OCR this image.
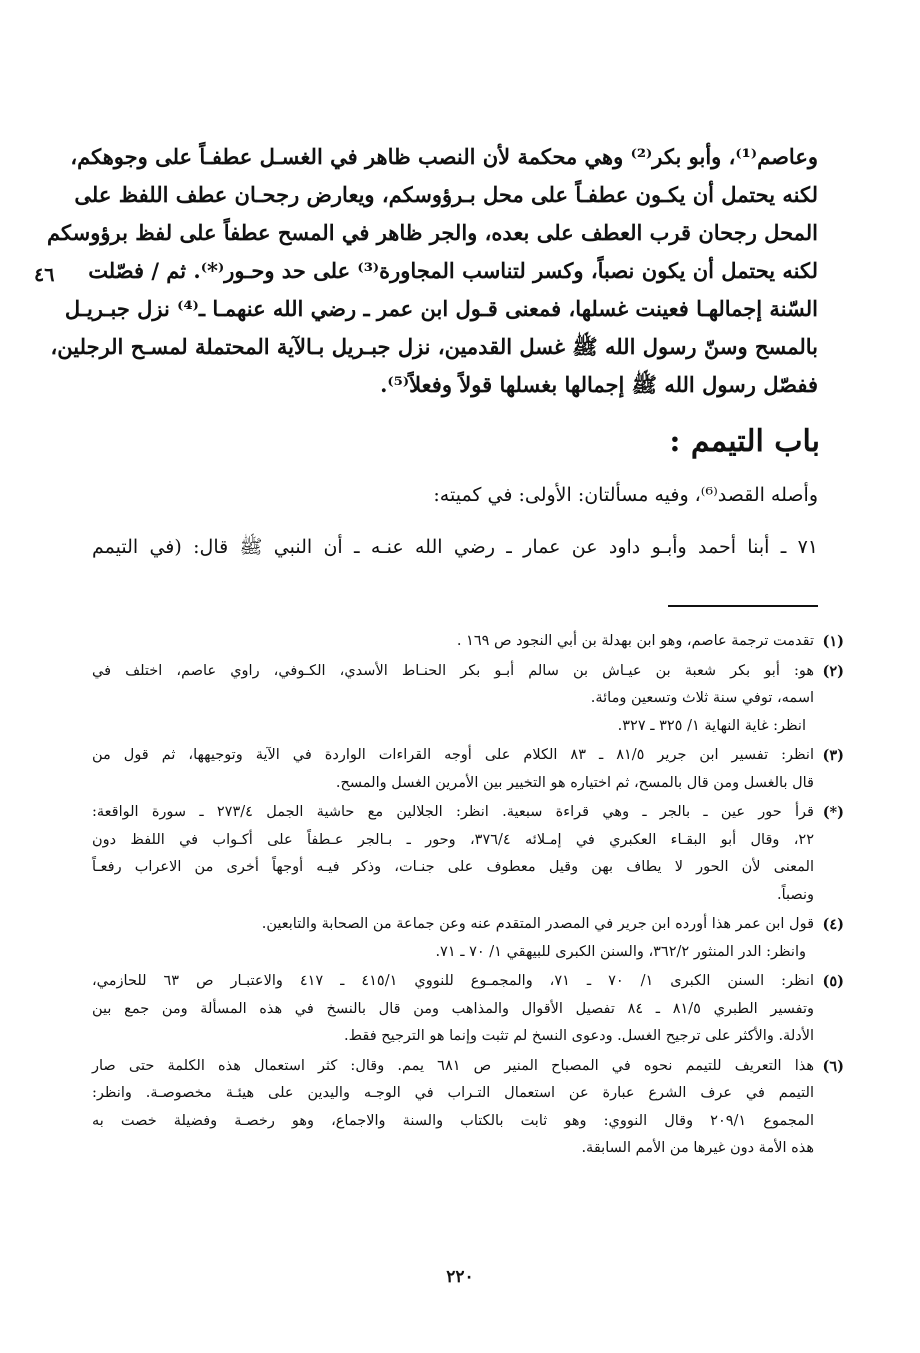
٤٦
وعاصم⁽¹⁾، وأبو بكر⁽²⁾ وهي محكمة لأن النصب ظاهر في الغسـل عطفـاً على وجوهكم،
لكنه يحتمل أن يكـون عطفـاً على محل بـرؤوسكم، ويعارض رجحـان عطف اللفظ على
المحل رجحان قرب العطف على بعده، والجر ظاهر في المسح عطفاً على لفظ برؤوسكم
لكنه يحتمل أن يكون نصباً، وكسر لتناسب المجاورة⁽³⁾ على حد وحـور⁽*⁾. ثم / فصّلت
السّنة إجمالهـا فعينت غسلها، فمعنى قـول ابن عمر ـ رضي الله عنهمـا ـ⁽⁴⁾ نزل جبـريـل
بالمسح وسنّ رسول الله ﷺ غسل القدمين، نزل جبـريل بـالآية المحتملة لمسـح الرجلين،
ففصّل رسول الله ﷺ إجمالها بغسلها قولاً وفعلاً⁽⁵⁾.
باب التيمم :
وأصله القصد⁽⁶⁾، وفيه مسألتان: الأولى: في كميته:
٧١ ـ أبنا أحمد وأبـو داود عن عمار ـ رضي الله عنـه ـ أن النبي ﷺ قال: (في التيمم
(١)
تقدمت ترجمة عاصم، وهو ابن بهدلة بن أبي النجود ص ١٦٩ .
(٢)
هو: أبو بكر شعبة بن عيـاش بن سالم أبـو بكر الحنـاط الأسدي، الكـوفي، راوي عاصم، اختلف في
اسمه، توفي سنة ثلاث وتسعين ومائة.
انظر: غاية النهاية ١/ ٣٢٥ ـ ٣٢٧.
(٣)
انظر: تفسير ابن جرير ٨١/٥ ـ ٨٣ الكلام على أوجه القراءات الواردة في الآية وتوجيهها، ثم قول من
قال بالغسل ومن قال بالمسح، ثم اختياره هو التخيير بين الأمرين الغسل والمسح.
(*)
قرأ حور عين ـ بالجر ـ وهي قراءة سبعية. انظر: الجلالين مع حاشية الجمل ٢٧٣/٤ ـ سورة الواقعة:
٢٢، وقال أبو البقـاء العكبري في إمـلائه ٣٧٦/٤، وحور ـ بـالجر عـطفاً على أكـواب في اللفظ دون
المعنى لأن الحور لا يطاف بهن وقيل معطوف على جنـات، وذكر فيـه أوجهاً أخرى من الاعراب رفعـاً
ونصباً.
(٤)
قول ابن عمر هذا أورده ابن جرير في المصدر المتقدم عنه وعن جماعة من الصحابة والتابعين.
وانظر: الدر المنثور ٣٦٢/٢، والسنن الكبرى للبيهقي ١/ ٧٠ ـ ٧١.
(٥)
انظر: السنن الكبرى ١/ ٧٠ ـ ٧١، والمجمـوع للنووي ٤١٥/١ ـ ٤١٧ والاعتبـار ص ٦٣ للحازمي،
وتفسير الطبري ٨١/٥ ـ ٨٤ تفصيل الأقوال والمذاهب ومن قال بالنسخ في هذه المسألة ومن جمع بين
الأدلة. والأكثر على ترجيح الغسل. ودعوى النسخ لم تثبت وإنما هو الترجيح فقط.
(٦)
هذا التعريف للتيمم نحوه في المصباح المنير ص ٦٨١ يمم. وقال: كثر استعمال هذه الكلمة حتى صار
التيمم في عرف الشرع عبارة عن استعمال التـراب في الوجـه واليدين على هيئـة مخصوصـة. وانظر:
المجموع ٢٠٩/١ وقال النووي: وهو ثابت بالكتاب والسنة والاجماع، وهو رخصـة وفضيلة خصت به
هذه الأمة دون غيرها من الأمم السابقة.
٢٢٠
